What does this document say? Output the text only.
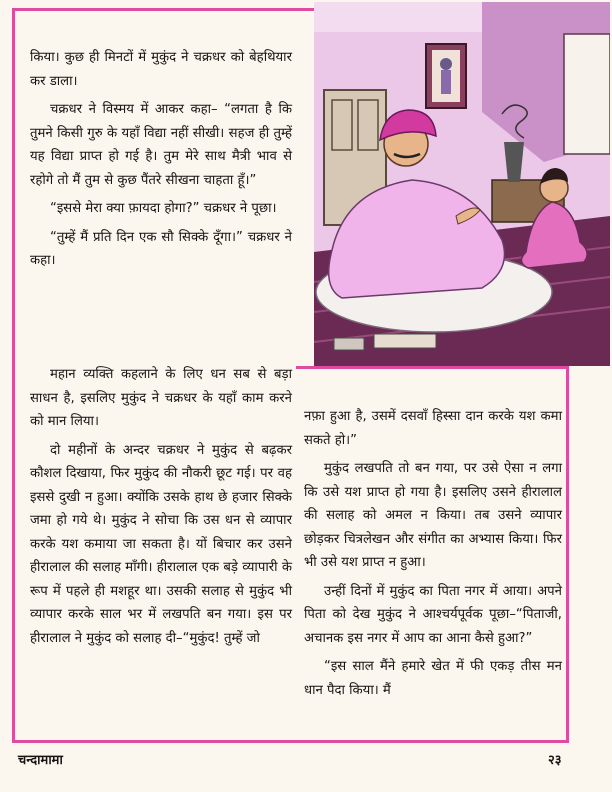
किया। कुछ ही मिनटों में मुकुंद ने चक्रधर को बेहथियार कर डाला।

चक्रधर ने विस्मय में आकर कहा– “लगता है कि तुमने किसी गुरु के यहाँ विद्या नहीं सीखी। सहज ही तुम्हें यह विद्या प्राप्त हो गई है। तुम मेरे साथ मैत्री भाव से रहोगे तो मैं तुम से कुछ पैंतरे सीखना चाहता हूँ।”

“इससे मेरा क्या फ़ायदा होगा?” चक्रधर ने पूछा।

“तुम्हें मैं प्रति दिन एक सौ सिक्के दूँगा।” चक्रधर ने कहा।

महान व्यक्ति कहलाने के लिए धन सब से बड़ा साधन है, इसलिए मुकुंद ने चक्रधर के यहाँ काम करने को मान लिया।

दो महीनों के अन्दर चक्रधर ने मुकुंद से बढ़कर कौशल दिखाया, फिर मुकुंद की नौकरी छूट गई। पर वह इससे दुखी न हुआ। क्योंकि उसके हाथ छे हजार सिक्के जमा हो गये थे। मुकुंद ने सोचा कि उस धन से व्यापार करके यश कमाया जा सकता है। यों बिचार कर उसने हीरालाल की सलाह माँगी। हीरालाल एक बड़े व्यापारी के रूप में पहले ही मशहूर था। उसकी सलाह से मुकुंद भी व्यापार करके साल भर में लखपति बन गया। इस पर हीरालाल ने मुकुंद को सलाह दी–“मुकुंद! तुम्हें जो

नफ़ा हुआ है, उसमें दसवाँ हिस्सा दान करके यश कमा सकते हो।”

मुकुंद लखपति तो बन गया, पर उसे ऐसा न लगा कि उसे यश प्राप्त हो गया है। इसलिए उसने हीरालाल की सलाह को अमल न किया। तब उसने व्यापार छोड़कर चित्रलेखन और संगीत का अभ्यास किया। फिर भी उसे यश प्राप्त न हुआ।

उन्हीं दिनों में मुकुंद का पिता नगर में आया। अपने पिता को देख मुकुंद ने आश्चर्यपूर्वक पूछा–“पिताजी, अचानक इस नगर में आप का आना कैसे हुआ?”

“इस साल मैंने हमारे खेत में फी एकड़ तीस मन धान पैदा किया। मैं

चन्दामामा	२३
